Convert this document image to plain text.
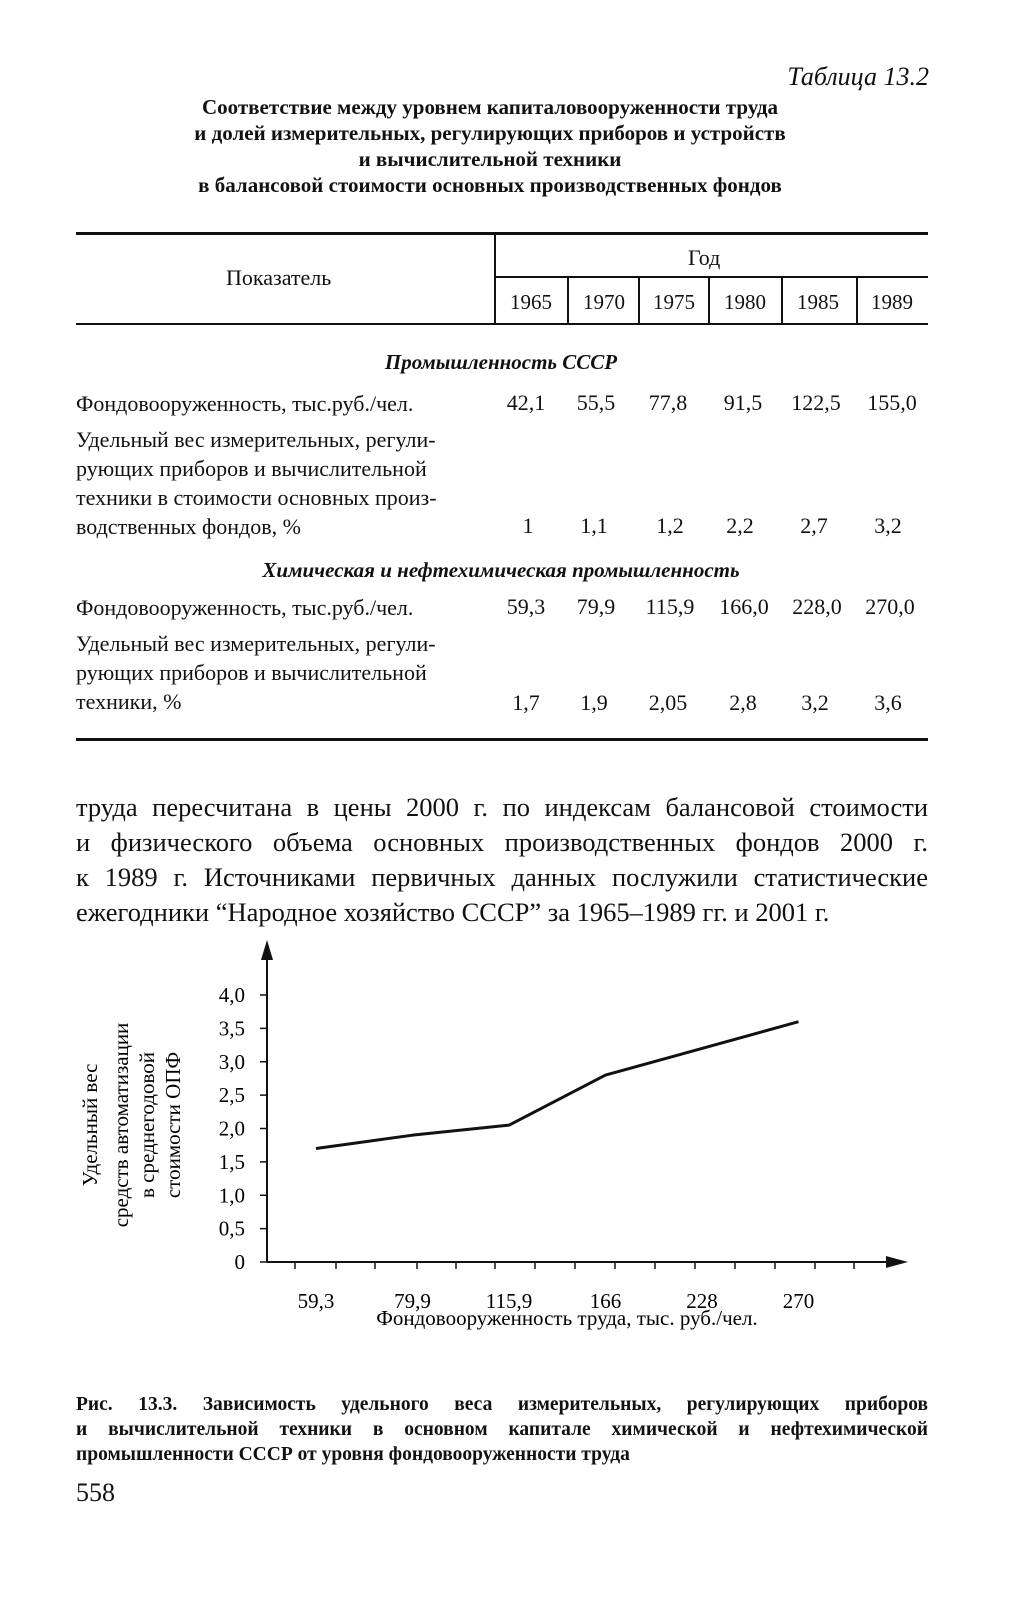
Таблица 13.2
Соответствие между уровнем капиталовооруженности труда
и долей измерительных, регулирующих приборов и устройств
и вычислительной техники
в балансовой стоимости основных производственных фондов
Показатель
Год
1965	1970	1975	1980	1985	1989
Промышленность СССР
Фондовооруженность, тыс.руб./чел.	42,1	55,5	77,8	91,5	122,5	155,0
Удельный вес измерительных, регули-
рующих приборов и вычислительной
техники в стоимости основных произ-
водственных фондов, %	1	1,1	1,2	2,2	2,7	3,2
Химическая и нефтехимическая промышленность
Фондовооруженность, тыс.руб./чел.	59,3	79,9	115,9	166,0	228,0	270,0
Удельный вес измерительных, регули-
рующих приборов и вычислительной
техники, %	1,7	1,9	2,05	2,8	3,2	3,6
труда пересчитана в цены 2000 г. по индексам балансовой стоимости
и физического объема основных производственных фондов 2000 г.
к 1989 г. Источниками первичных данных послужили статистические
ежегодники “Народное хозяйство СССР” за 1965–1989 гг. и 2001 г.
Удельный вес средств автоматизации в среднегодовой стоимости ОПФ
0
0,5
1,0
1,5
2,0
2,5
3,0
3,5
4,0
59,3	79,9	115,9	166	228	270
Фондовооруженность труда, тыс. руб./чел.
Рис. 13.3. Зависимость удельного веса измерительных, регулирующих приборов
и вычислительной техники в основном капитале химической и нефтехимической
промышленности СССР от уровня фондовооруженности труда
558
